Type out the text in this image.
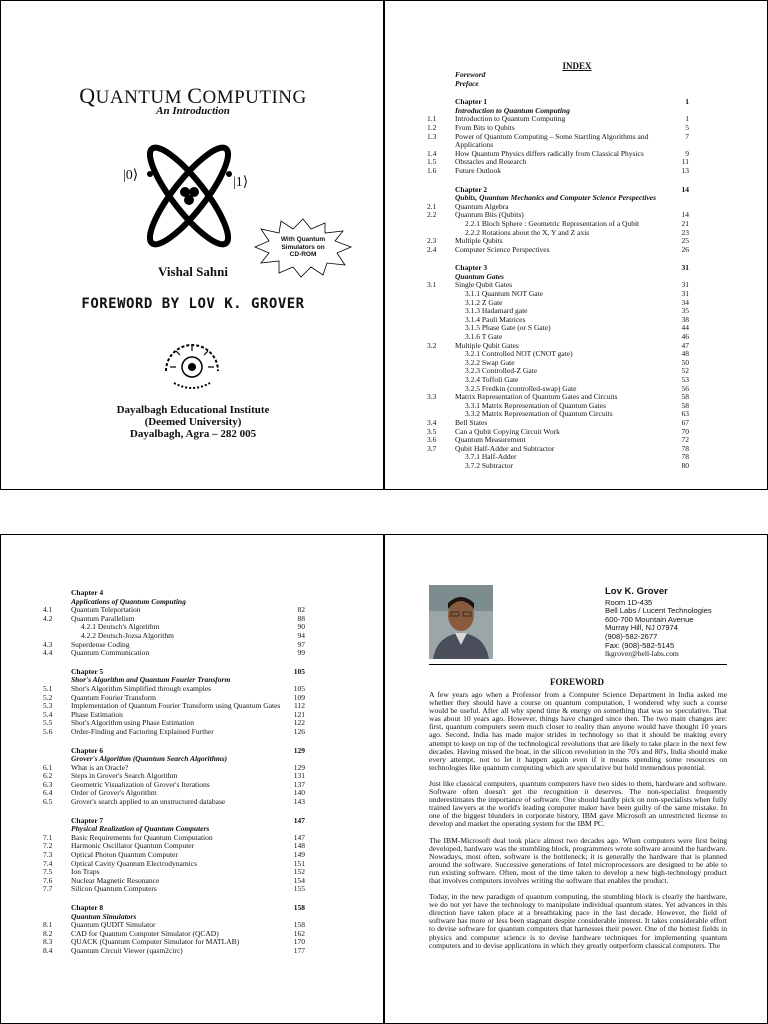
QUANTUM COMPUTING
An Introduction
|0⟩	|1⟩
With Quantum
Simulators on
CD-ROM
Vishal Sahni
FOREWORD BY LOV K. GROVER
Dayalbagh Educational Institute
(Deemed University)
Dayalbagh, Agra – 282 005
INDEX
Foreword
Preface
Chapter 1	1
Introduction to Quantum Computing
1.1 Introduction to Quantum Computing	1
1.2 From Bits to Qubits	5
1.3 Power of Quantum Computing – Some Startling Algorithms and	7
Applications
1.4 How Quantum Physics differs radically from Classical Physics	9
1.5 Obstacles and Research	11
1.6 Future Outlook	13
Chapter 2	14
Qubits, Quantum Mechanics and Computer Science Perspectives
2.1 Quantum Algebra
2.2 Quantum Bits (Qubits)	14
2.2.1 Bloch Sphere : Geometric Representation of a Qubit	21
2.2.2 Rotations about the X, Y and Z axis	23
2.3 Multiple Qubits	25
2.4 Computer Science Perspectives	26
Chapter 3	31
Quantum Gates
3.1 Single Qubit Gates	31
3.1.1 Quantum NOT Gate	31
3.1.2 Z Gate	34
3.1.3 Hadamard gate	35
3.1.4 Pauli Matrices	38
3.1.5 Phase Gate (or S Gate)	44
3.1.6 T Gate	46
3.2 Multiple Qubit Gates	47
3.2.1 Controlled NOT (CNOT gate)	48
3.2.2 Swap Gate	50
3.2.3 Controlled-Z Gate	52
3.2.4 Toffoli Gate	53
3.2.5 Fredkin (controlled-swap) Gate	56
3.3 Matrix Representation of Quantum Gates and Circuits	58
3.3.1 Matrix Representation of Quantum Gates	58
3.3.2 Matrix Representation of Quantum Circuits	63
3.4 Bell States	67
3.5 Can a Qubit Copying Circuit Work	70
3.6 Quantum Measurement	72
3.7 Qubit Half-Adder and Subtractor	78
3.7.1 Half-Adder	78
3.7.2 Subtractor	80
Chapter 4
Applications of Quantum Computing
4.1 Quantum Teleportation	82
4.2 Quantum Parallelism	88
4.2.1 Deutsch's Algorithm	90
4.2.2 Deutsch-Jozsa Algorithm	94
4.3 Superdense Coding	97
4.4 Quantum Communication	99
Chapter 5	105
Shor's Algorithm and Quantum Fourier Transform
5.1 Shor's Algorithm Simplified through examples	105
5.2 Quantum Fourier Transform	109
5.3 Implementation of Quantum Fourier Transform using Quantum Gates 112
5.4 Phase Estimation	121
5.5 Shor's Algorithm using Phase Estimation	122
5.6 Order-Finding and Factoring Explained Further	126
Chapter 6	129
Grover's Algorithm (Quantum Search Algorithms)
6.1 What is an Oracle?	129
6.2 Steps in Grover's Search Algorithm	131
6.3 Geometric Visualization of Grover's Iterations	137
6.4 Order of Grover's Algorithm	140
6.5 Grover's search applied to an unstructured database	143
Chapter 7	147
Physical Realization of Quantum Computers
7.1 Basic Requirements for Quantum Computation	147
7.2 Harmonic Oscillator Quantum Computer	148
7.3 Optical Photon Quantum Computer	149
7.4 Optical Cavity Quantum Electrodynamics	151
7.5 Ion Traps	152
7.6 Nuclear Magnetic Resonance	154
7.7 Silicon Quantum Computers	155
Chapter 8	158
Quantum Simulators
8.1 Quantum QUDIT Simulator	158
8.2 CAD for Quantum Computer Simulator (QCAD)	162
8.3 QUACK (Quantum Computer Simulator for MATLAB)	170
8.4 Quantum Circuit Viewer (qasm2circ)	177
Lov K. Grover
Room 1D-435
Bell Labs / Lucent Technologies
600-700 Mountain Avenue
Murray Hill, NJ 07974
(908)-582-2677
Fax: (908)-582-5145
lkgrover@bell-labs.com
FOREWORD

A few years ago when a Professor from a Computer Science Department in India asked me whether they should have a course on quantum computation, I wondered why such a course would be useful. After all why spend time & energy on something that was so speculative. That was about 10 years ago. However, things have changed since then. The two main changes are: first, quantum computers seem much closer to reality than anyone would have thought 10 years ago. Second, India has made major strides in technology so that it should be making every attempt to keep on top of the technological revolutions that are likely to take place in the next few decades. Having missed the boat, in the silicon revolution in the 70's and 80's, India should make every attempt, not to let it happen again even if it means spending some resources on technologies like quantum computing which are speculative but hold tremendous potential.

Just like classical computers, quantum computers have two sides to them, hardware and software. Software often doesn't get the recognition it deserves. The non-specialist frequently underestimates the importance of software. One should hardly pick on non-specialists when fully trained lawyers at the world's leading computer maker have been guilty of the same mistake. In one of the biggest blunders in corporate history, IBM gave Microsoft an unrestricted license to develop and market the operating system for the IBM PC.

The IBM-Microsoft deal took place almost two decades ago. When computers were first being developed, hardware was the stumbling block, programmers wrote software around the hardware. Nowadays, most often, software is the bottleneck; it is generally the hardware that is planned around the software. Successive generations of Intel microprocessors are designed to be able to run existing software. Often, most of the time taken to develop a new high-technology product that involves computers involves writing the software that enables the product.

Today, in the new paradigm of quantum computing, the stumbling block is clearly the hardware, we do not yet have the technology to manipulate individual quantum states. Yet advances in this direction have taken place at a breathtaking pace in the last decade. However, the field of software has more or less been stagnant despite considerable interest. It takes considerable effort to devise software for quantum computers that harnesses their power. One of the hottest fields in physics and computer science is to devise hardware techniques for implementing quantum computers and to devise applications in which they greatly outperform classical computers. The
